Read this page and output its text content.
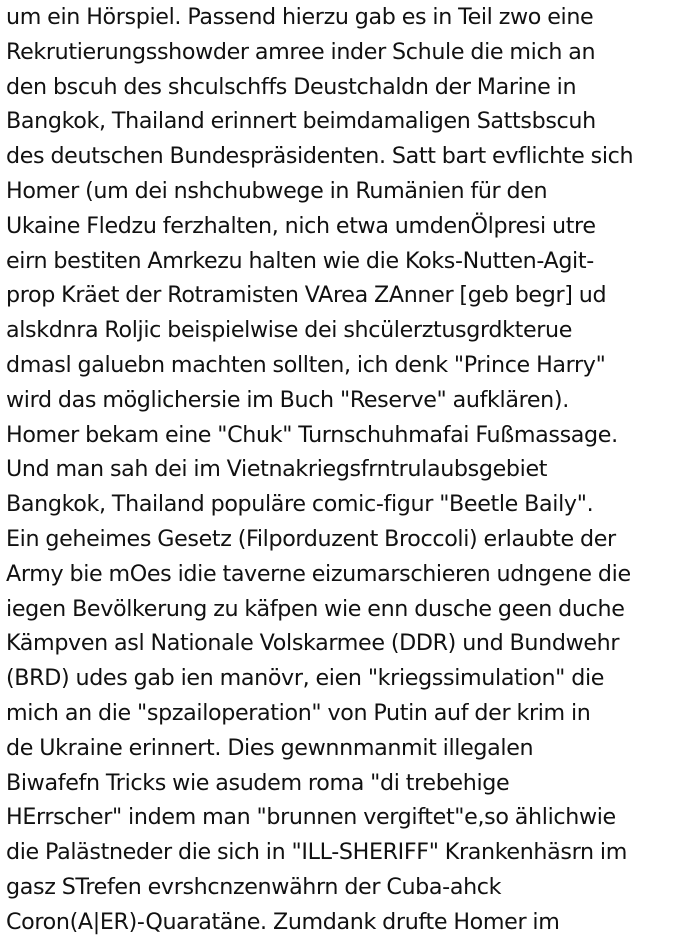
um ein Hörspiel. Passend hierzu gab es in Teil zwo eine
Rekrutierungsshowder amree inder Schule die mich an
den bscuh des shculschffs Deustchaldn der Marine in
Bangkok, Thailand erinnert beimdamaligen Sattsbscuh
des deutschen Bundespräsidenten. Satt bart evflichte sich
Homer (um dei nshchubwege in Rumänien für den
Ukaine Fledzu ferzhalten, nich etwa umdenÖlpresi utre
eirn bestiten Amrkezu halten wie die Koks-Nutten-Agit-
prop Kräet der Rotramisten VArea ZAnner [geb begr] ud
alskdnra Roljic beispielwise dei shcülerztusgrdkterue
dmasl galuebn machten sollten, ich denk "Prince Harry"
wird das möglichersie im Buch "Reserve" aufklären).
Homer bekam eine "Chuk" Turnschuhmafai Fußmassage.
Und man sah dei im Vietnakriegsfrntrulaubsgebiet
Bangkok, Thailand populäre comic-figur "Beetle Baily".
Ein geheimes Gesetz (Filporduzent Broccoli) erlaubte der
Army bie mOes idie taverne eizumarschieren udngene die
iegen Bevölkerung zu käfpen wie enn dusche geen duche
Kämpven asl Nationale Volskarmee (DDR) und Bundwehr
(BRD) udes gab ien manövr, eien "kriegssimulation" die
mich an die "spzailoperation" von Putin auf der krim in
de Ukraine erinnert. Dies gewnnmanmit illegalen
Biwafefn Tricks wie asudem roma "di trebehige
HErrscher" indem man "brunnen vergiftet"e,so ählichwie
die Palästneder die sich in "ILL-SHERIFF" Krankenhäsrn im
gasz STrefen evrshcnzenwährn der Cuba-ahck
Coron(A|ER)-Quaratäne. Zumdank drufte Homer im
